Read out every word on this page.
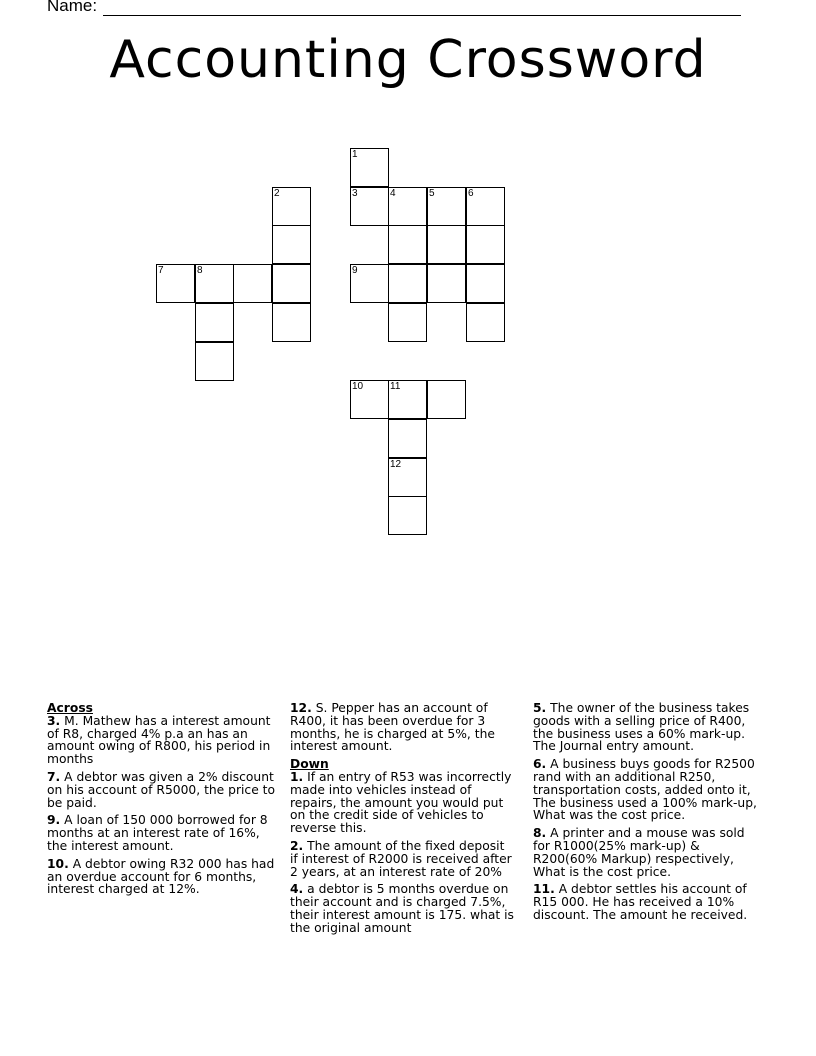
Name:
Accounting Crossword
1
2	3	4	5	6
7	8	9
10	11
12
Across
3. M. Mathew has a interest amount of R8, charged 4% p.a an has an amount owing of R800, his period in months
7. A debtor was given a 2% discount on his account of R5000, the price to be paid.
9. A loan of 150 000 borrowed for 8 months at an interest rate of 16%, the interest amount.
10. A debtor owing R32 000 has had an overdue account for 6 months, interest charged at 12%.
12. S. Pepper has an account of R400, it has been overdue for 3 months, he is charged at 5%, the interest amount.
Down
1. If an entry of R53 was incorrectly made into vehicles instead of repairs, the amount you would put on the credit side of vehicles to reverse this.
2. The amount of the fixed deposit if interest of R2000 is received after 2 years, at an interest rate of 20%
4. a debtor is 5 months overdue on their account and is charged 7.5%, their interest amount is 175. what is the original amount
5. The owner of the business takes goods with a selling price of R400, the business uses a 60% mark-up. The Journal entry amount.
6. A business buys goods for R2500 rand with an additional R250, transportation costs, added onto it, The business used a 100% mark-up, What was the cost price.
8. A printer and a mouse was sold for R1000(25% mark-up) & R200(60% Markup) respectively, What is the cost price.
11. A debtor settles his account of R15 000. He has received a 10% discount. The amount he received.
